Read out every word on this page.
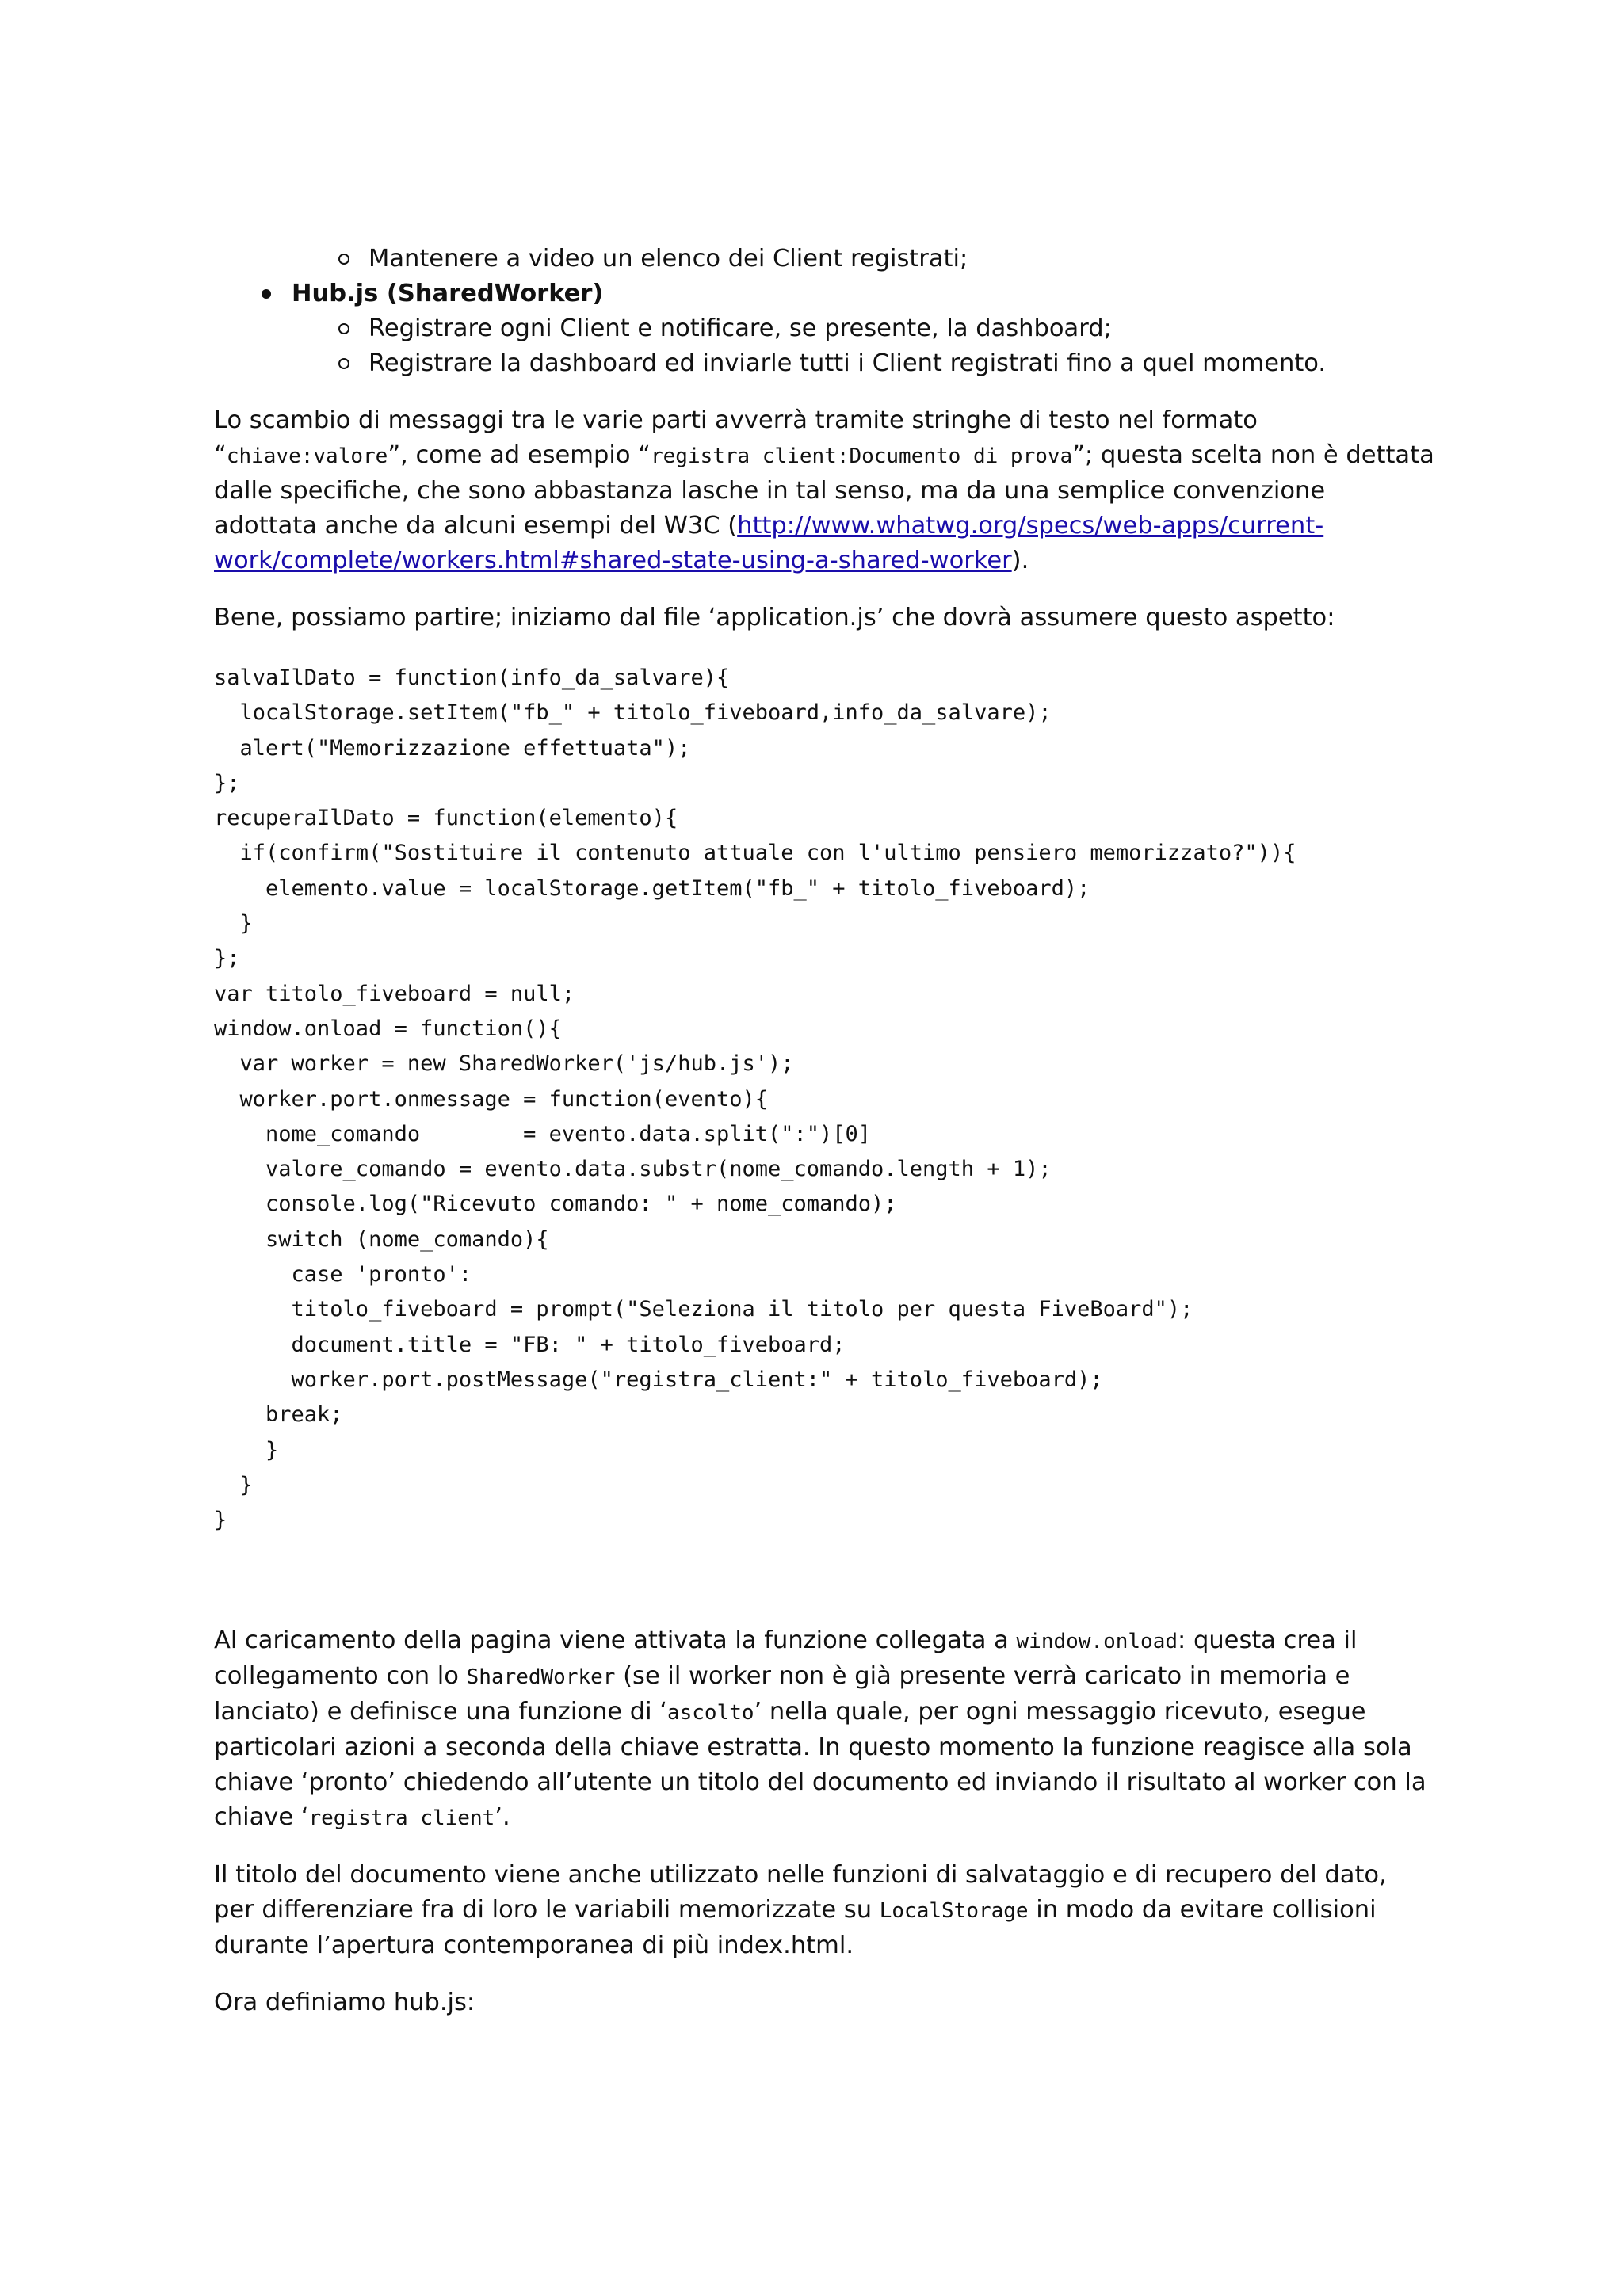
Mantenere a video un elenco dei Client registrati;
Hub.js (SharedWorker)
Registrare ogni Client e notificare, se presente, la dashboard;
Registrare la dashboard ed inviarle tutti i Client registrati fino a quel momento.

Lo scambio di messaggi tra le varie parti avverrà tramite stringhe di testo nel formato
“chiave:valore”, come ad esempio “registra_client:Documento di prova”; questa scelta non è dettata dalle specifiche, che sono abbastanza lasche in tal senso, ma da una semplice convenzione adottata anche da alcuni esempi del W3C (http://www.whatwg.org/specs/web-apps/current-
work/complete/workers.html#shared-state-using-a-shared-worker).

Bene, possiamo partire; iniziamo dal file ‘application.js’ che dovrà assumere questo aspetto:

salvaIlDato = function(info_da_salvare){
localStorage.setItem("fb_" + titolo_fiveboard,info_da_salvare);
alert("Memorizzazione effettuata");
};
recuperaIlDato = function(elemento){
if(confirm("Sostituire il contenuto attuale con l'ultimo pensiero memorizzato?")){
elemento.value = localStorage.getItem("fb_" + titolo_fiveboard);
}
};
var titolo_fiveboard = null;
window.onload = function(){
var worker = new SharedWorker('js/hub.js');
worker.port.onmessage = function(evento){
nome_comando        = evento.data.split(":")[0]
valore_comando = evento.data.substr(nome_comando.length + 1);
console.log("Ricevuto comando: " + nome_comando);
switch (nome_comando){
case 'pronto':
titolo_fiveboard = prompt("Seleziona il titolo per questa FiveBoard");
document.title = "FB: " + titolo_fiveboard;
worker.port.postMessage("registra_client:" + titolo_fiveboard);
break;
}
}
}

Al caricamento della pagina viene attivata la funzione collegata a window.onload: questa crea il collegamento con lo SharedWorker (se il worker non è già presente verrà caricato in memoria e lanciato) e definisce una funzione di ‘ascolto’ nella quale, per ogni messaggio ricevuto, esegue particolari azioni a seconda della chiave estratta. In questo momento la funzione reagisce alla sola chiave ‘pronto’ chiedendo all’utente un titolo del documento ed inviando il risultato al worker con la chiave ‘registra_client’.

Il titolo del documento viene anche utilizzato nelle funzioni di salvataggio e di recupero del dato, per differenziare fra di loro le variabili memorizzate su LocalStorage in modo da evitare collisioni durante l’apertura contemporanea di più index.html.

Ora definiamo hub.js:
